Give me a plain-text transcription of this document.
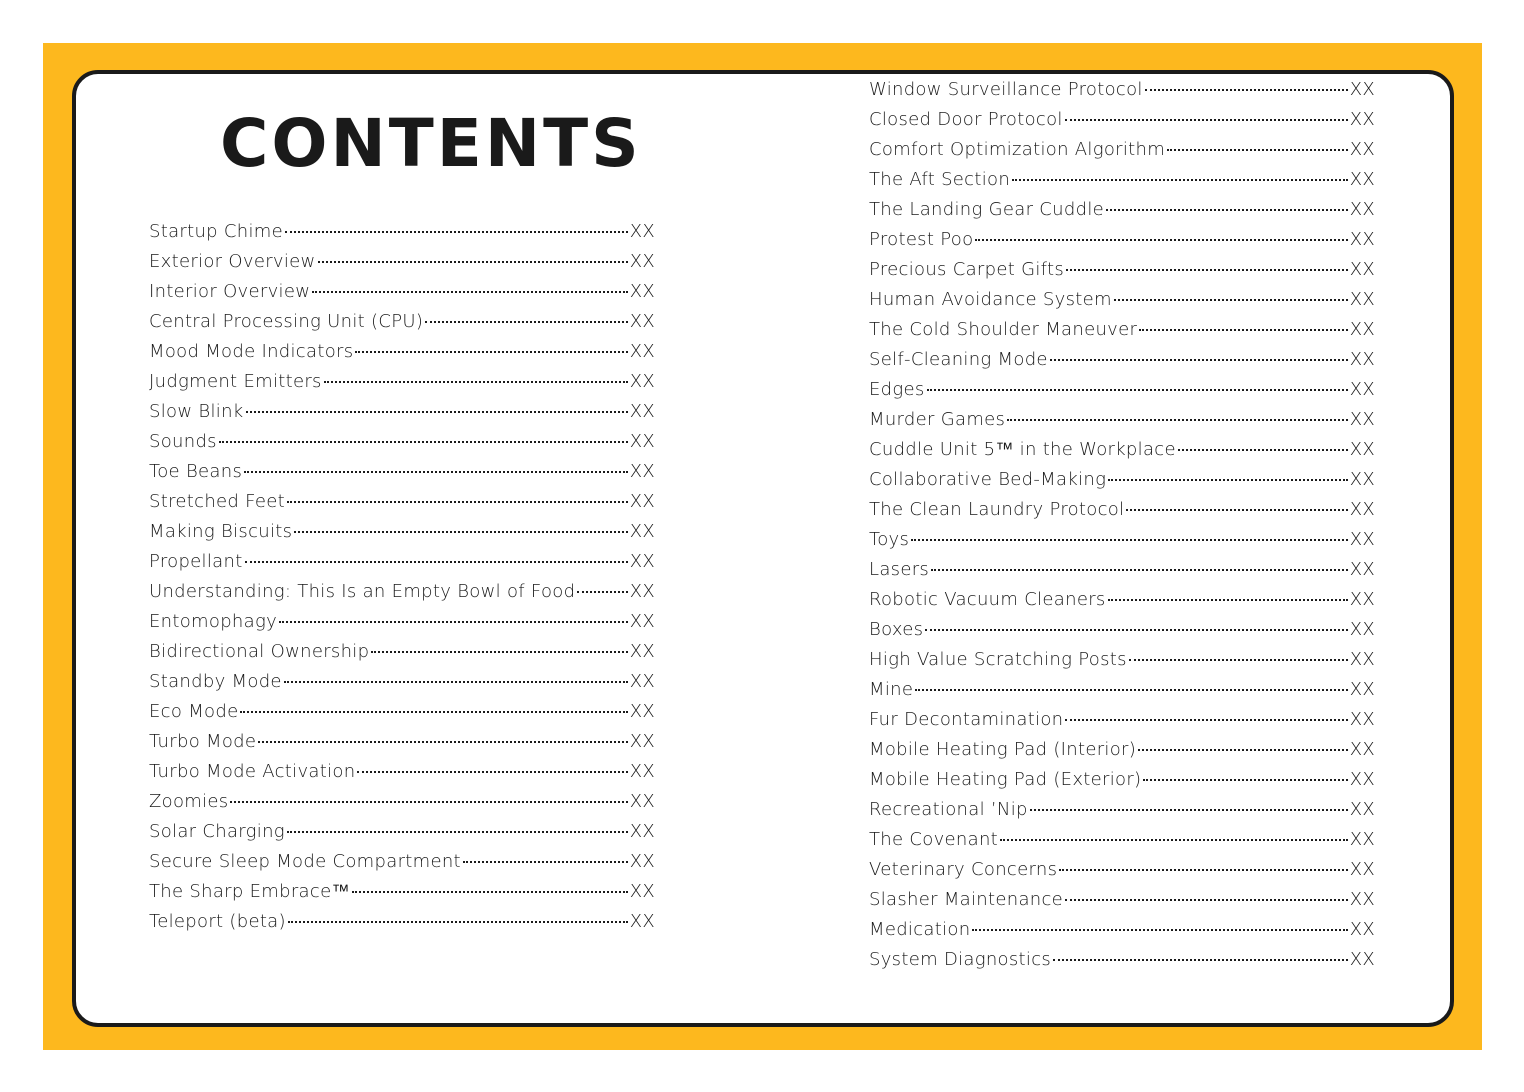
CONTENTS
Startup Chime	XX
Exterior Overview	XX
Interior Overview	XX
Central Processing Unit (CPU)	XX
Mood Mode Indicators	XX
Judgment Emitters	XX
Slow Blink	XX
Sounds	XX
Toe Beans	XX
Stretched Feet	XX
Making Biscuits	XX
Propellant	XX
Understanding: This Is an Empty Bowl of Food	XX
Entomophagy	XX
Bidirectional Ownership	XX
Standby Mode	XX
Eco Mode	XX
Turbo Mode	XX
Turbo Mode Activation	XX
Zoomies	XX
Solar Charging	XX
Secure Sleep Mode Compartment	XX
The Sharp Embrace™	XX
Teleport (beta)	XX
Window Surveillance Protocol	XX
Closed Door Protocol	XX
Comfort Optimization Algorithm	XX
The Aft Section	XX
The Landing Gear Cuddle	XX
Protest Poo	XX
Precious Carpet Gifts	XX
Human Avoidance System	XX
The Cold Shoulder Maneuver	XX
Self-Cleaning Mode	XX
Edges	XX
Murder Games	XX
Cuddle Unit 5™ in the Workplace	XX
Collaborative Bed-Making	XX
The Clean Laundry Protocol	XX
Toys	XX
Lasers	XX
Robotic Vacuum Cleaners	XX
Boxes	XX
High Value Scratching Posts	XX
Mine	XX
Fur Decontamination	XX
Mobile Heating Pad (Interior)	XX
Mobile Heating Pad (Exterior)	XX
Recreational ’Nip	XX
The Covenant	XX
Veterinary Concerns	XX
Slasher Maintenance	XX
Medication	XX
System Diagnostics	XX
